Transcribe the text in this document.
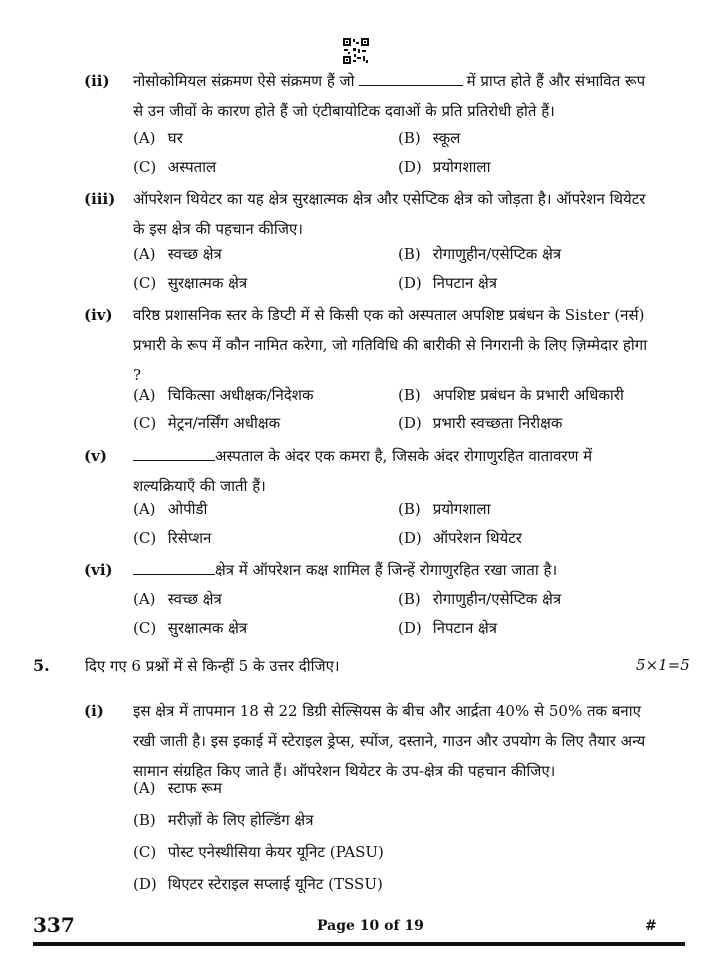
(ii) नोसोकोमियल संक्रमण ऐसे संक्रमण हैं जो	में प्राप्त होते हैं और संभावित रूप से उन जीवों के कारण होते हैं जो एंटीबायोटिक दवाओं के प्रति प्रतिरोधी होते हैं।
(A) घर	(B) स्कूल
(C) अस्पताल	(D) प्रयोगशाला
(iii) ऑपरेशन थियेटर का यह क्षेत्र सुरक्षात्मक क्षेत्र और एसेप्टिक क्षेत्र को जोड़ता है। ऑपरेशन थियेटर के इस क्षेत्र की पहचान कीजिए।
(A) स्वच्छ क्षेत्र	(B) रोगाणुहीन/एसेप्टिक क्षेत्र
(C) सुरक्षात्मक क्षेत्र	(D) निपटान क्षेत्र
(iv) वरिष्ठ प्रशासनिक स्तर के डिप्टी में से किसी एक को अस्पताल अपशिष्ट प्रबंधन के Sister (नर्स) प्रभारी के रूप में कौन नामित करेगा, जो गतिविधि की बारीकी से निगरानी के लिए ज़िम्मेदार होगा ?
(A) चिकित्सा अधीक्षक/निदेशक	(B) अपशिष्ट प्रबंधन के प्रभारी अधिकारी
(C) मेट्रन/नर्सिंग अधीक्षक	(D) प्रभारी स्वच्छता निरीक्षक
(v)	अस्पताल के अंदर एक कमरा है, जिसके अंदर रोगाणुरहित वातावरण में शल्यक्रियाएँ की जाती हैं।
(A) ओपीडी	(B) प्रयोगशाला
(C) रिसेप्शन	(D) ऑपरेशन थियेटर
(vi)	क्षेत्र में ऑपरेशन कक्ष शामिल हैं जिन्हें रोगाणुरहित रखा जाता है।
(A) स्वच्छ क्षेत्र	(B) रोगाणुहीन/एसेप्टिक क्षेत्र
(C) सुरक्षात्मक क्षेत्र	(D) निपटान क्षेत्र
5. दिए गए 6 प्रश्नों में से किन्हीं 5 के उत्तर दीजिए।	5×1=5
(i) इस क्षेत्र में तापमान 18 से 22 डिग्री सेल्सियस के बीच और आर्द्रता 40% से 50% तक बनाए रखी जाती है। इस इकाई में स्टेराइल ड्रेप्स, स्पोंज, दस्ताने, गाउन और उपयोग के लिए तैयार अन्य सामान संग्रहित किए जाते हैं। ऑपरेशन थियेटर के उप-क्षेत्र की पहचान कीजिए।
(A) स्टाफ रूम
(B) मरीज़ों के लिए होल्डिंग क्षेत्र
(C) पोस्ट एनेस्थीसिया केयर यूनिट (PASU)
(D) थिएटर स्टेराइल सप्लाई यूनिट (TSSU)
337	Page 10 of 19	#
